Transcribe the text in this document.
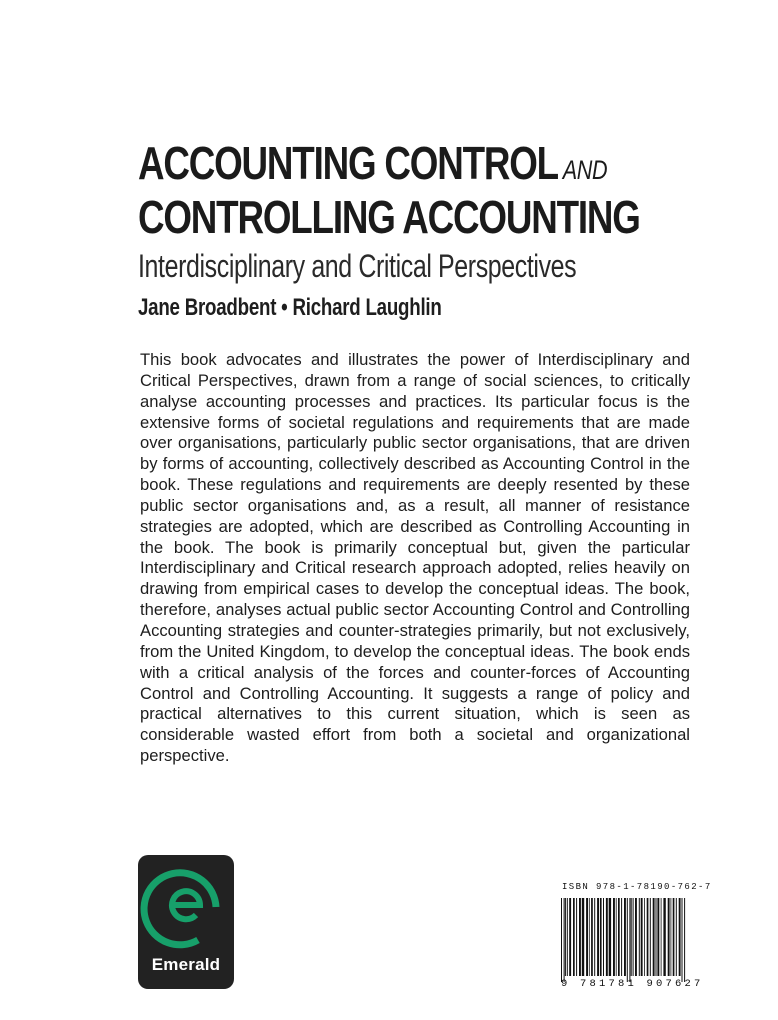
ACCOUNTING CONTROL AND
CONTROLLING ACCOUNTING
Interdisciplinary and Critical Perspectives
Jane Broadbent • Richard Laughlin
This book advocates and illustrates the power of Interdisciplinary and Critical Perspectives, drawn from a range of social sciences, to critically analyse accounting processes and practices. Its particular focus is the extensive forms of societal regulations and requirements that are made over organisations, particularly public sector organisations, that are driven by forms of accounting, collectively described as Accounting Control in the book. These regulations and requirements are deeply resented by these public sector organisations and, as a result, all manner of resistance strategies are adopted, which are described as Controlling Accounting in the book. The book is primarily conceptual but, given the particular Interdisciplinary and Critical research approach adopted, relies heavily on drawing from empirical cases to develop the conceptual ideas. The book, therefore, analyses actual public sector Accounting Control and Controlling Accounting strategies and counter-strategies primarily, but not exclusively, from the United Kingdom, to develop the conceptual ideas. The book ends with a critical analysis of the forces and counter-forces of Accounting Control and Controlling Accounting. It suggests a range of policy and practical alternatives to this current situation, which is seen as considerable wasted effort from both a societal and organizational perspective.
Emerald
ISBN 978-1-78190-762-7
9 781781 907627
